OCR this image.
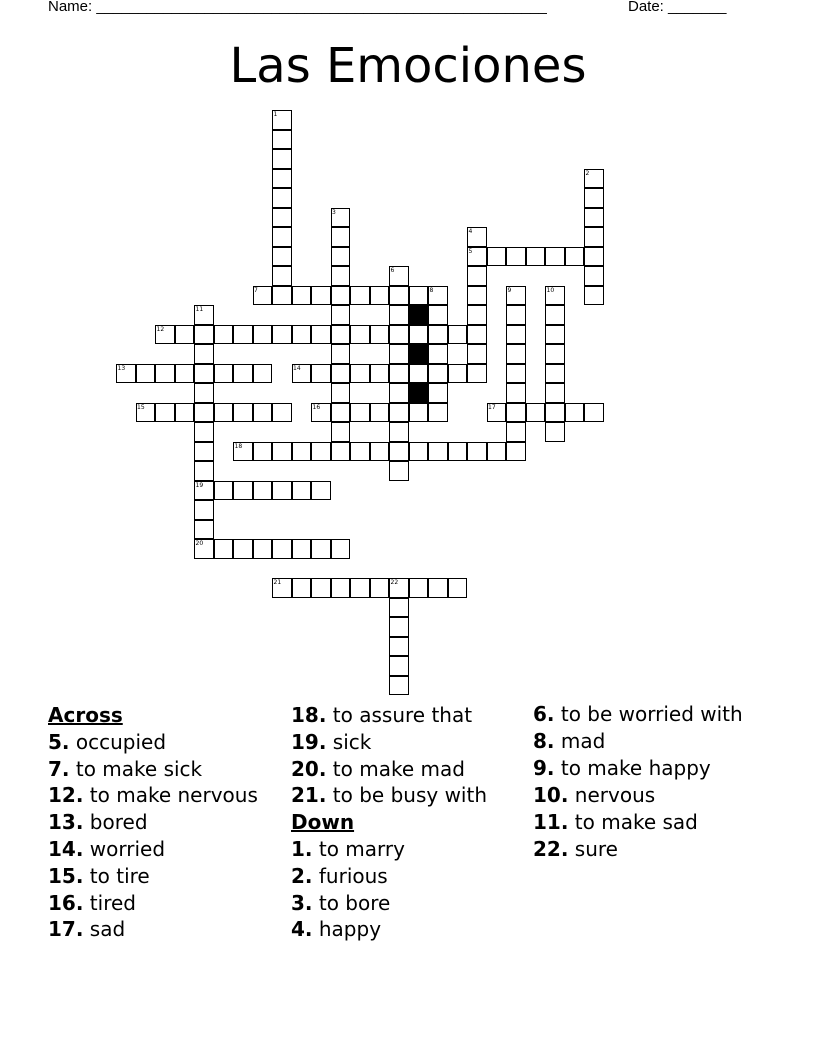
Name: ______________________________________________________	Date: _______
Las Emociones
1
2
3
4
5
6
7	8	9	10
11
12
13	14
15	16	17
18
19
20
21	22
Across
5. occupied
7. to make sick
12. to make nervous
13. bored
14. worried
15. to tire
16. tired
17. sad
18. to assure that
19. sick
20. to make mad
21. to be busy with
Down
1. to marry
2. furious
3. to bore
4. happy
6. to be worried with
8. mad
9. to make happy
10. nervous
11. to make sad
22. sure
